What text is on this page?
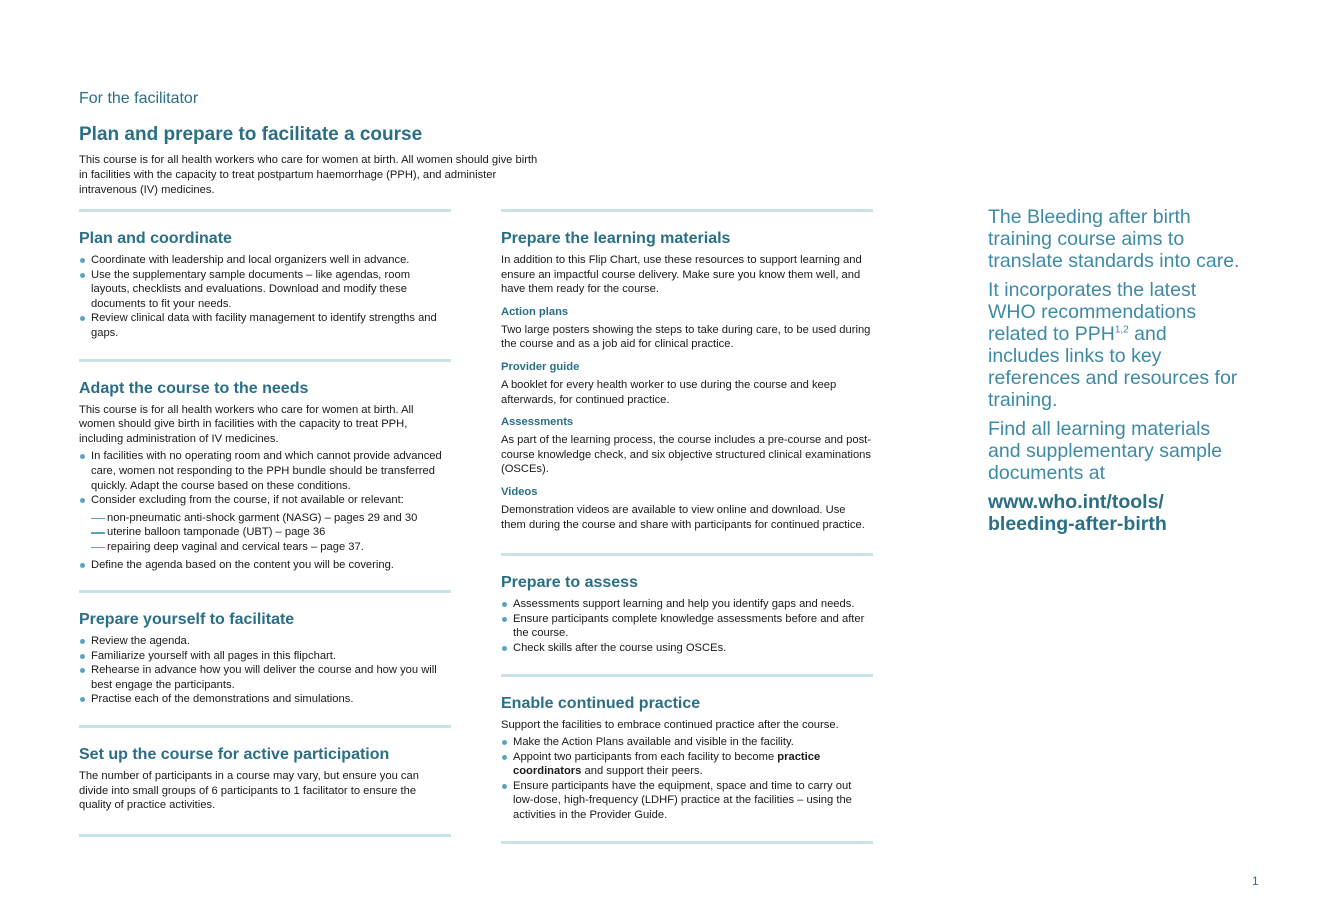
For the facilitator
Plan and prepare to facilitate a course

This course is for all health workers who care for women at birth. All women should give birth in facilities with the capacity to treat postpartum haemorrhage (PPH), and administer intravenous (IV) medicines.

Plan and coordinate
Coordinate with leadership and local organizers well in advance.
Use the supplementary sample documents – like agendas, room layouts, checklists and evaluations. Download and modify these documents to fit your needs.
Review clinical data with facility management to identify strengths and gaps.
Adapt the course to the needs

This course is for all health workers who care for women at birth. All women should give birth in facilities with the capacity to treat PPH, including administration of IV medicines.

In facilities with no operating room and which cannot provide advanced care, women not responding to the PPH bundle should be transferred quickly. Adapt the course based on these conditions.
Consider excluding from the course, if not available or relevant:
non-pneumatic anti-shock garment (NASG) – pages 29 and 30
uterine balloon tamponade (UBT) – page 36
repairing deep vaginal and cervical tears – page 37.
Define the agenda based on the content you will be covering.
Prepare yourself to facilitate
Review the agenda.
Familiarize yourself with all pages in this flipchart.
Rehearse in advance how you will deliver the course and how you will best engage the participants.
Practise each of the demonstrations and simulations.
Set up the course for active participation

The number of participants in a course may vary, but ensure you can divide into small groups of 6 participants to 1 facilitator to ensure the quality of practice activities.

Prepare the learning materials

In addition to this Flip Chart, use these resources to support learning and ensure an impactful course delivery. Make sure you know them well, and have them ready for the course.

Action plans

Two large posters showing the steps to take during care, to be used during the course and as a job aid for clinical practice.

Provider guide

A booklet for every health worker to use during the course and keep afterwards, for continued practice.

Assessments

As part of the learning process, the course includes a pre-course and post-course knowledge check, and six objective structured clinical examinations (OSCEs).

Videos

Demonstration videos are available to view online and download. Use them during the course and share with participants for continued practice.

Prepare to assess
Assessments support learning and help you identify gaps and needs.
Ensure participants complete knowledge assessments before and after the course.
Check skills after the course using OSCEs.
Enable continued practice

Support the facilities to embrace continued practice after the course.

Make the Action Plans available and visible in the facility.
Appoint two participants from each facility to become practice coordinators and support their peers.
Ensure participants have the equipment, space and time to carry out low-dose, high-frequency (LDHF) practice at the facilities – using the activities in the Provider Guide.

The Bleeding after birth training course aims to translate standards into care.

It incorporates the latest WHO recommendations related to PPH$^{1,2}$ and includes links to key references and resources for training.

Find all learning materials and supplementary sample documents at

www.who.int/tools/ bleeding-after-birth

1
